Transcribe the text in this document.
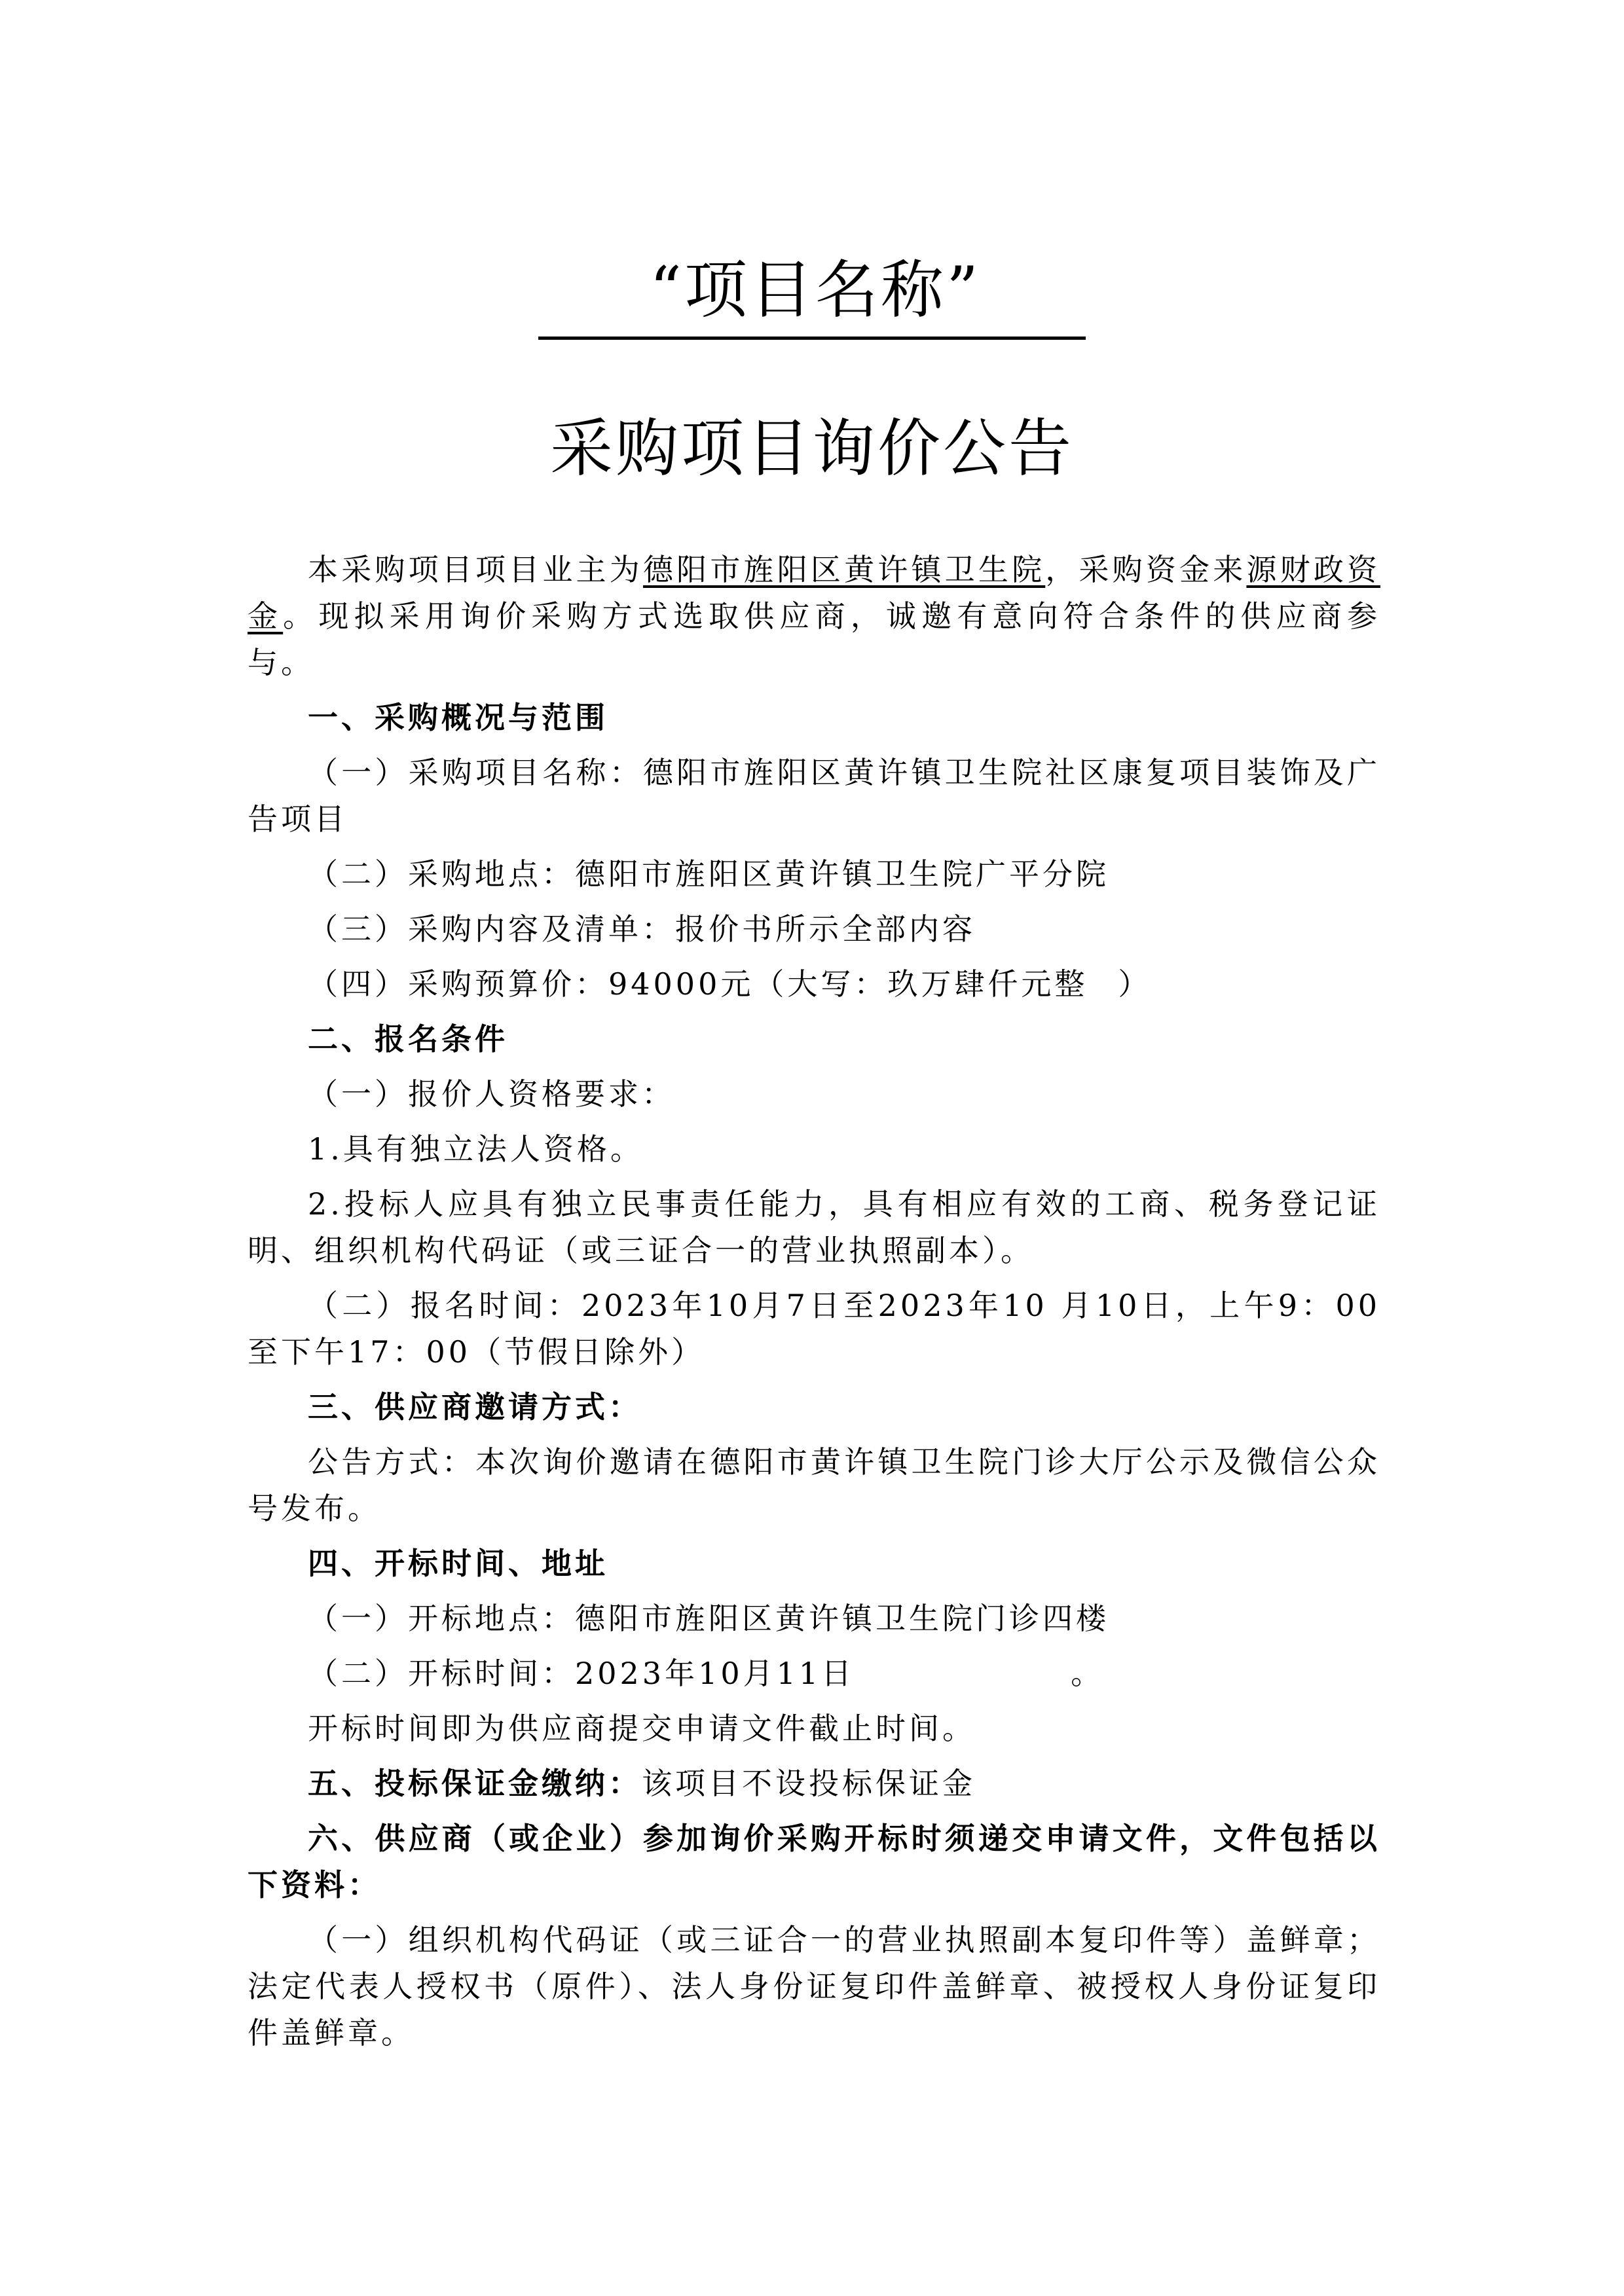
“项目名称”
采购项目询价公告

本采购项目项目业主为德阳市旌阳区黄许镇卫生院，采购资金来源财政资金。现拟采用询价采购方式选取供应商，诚邀有意向符合条件的供应商参与。

一、采购概况与范围

（一）采购项目名称：德阳市旌阳区黄许镇卫生院社区康复项目装饰及广告项目

（二）采购地点：德阳市旌阳区黄许镇卫生院广平分院

（三）采购内容及清单：报价书所示全部内容

（四）采购预算价：94000元（大写：玖万肆仟元整 ）

二、报名条件

（一）报价人资格要求：

1.具有独立法人资格。

2.投标人应具有独立民事责任能力，具有相应有效的工商、税务登记证明、组织机构代码证（或三证合一的营业执照副本）。

（二）报名时间：2023年10月7日至2023年10 月10日，上午9：00 至下午17：00（节假日除外）

三、供应商邀请方式：

公告方式：本次询价邀请在德阳市黄许镇卫生院门诊大厅公示及微信公众号发布。

四、开标时间、地址

（一）开标地点：德阳市旌阳区黄许镇卫生院门诊四楼

（二）开标时间：2023年10月11日	。

开标时间即为供应商提交申请文件截止时间。

五、投标保证金缴纳：该项目不设投标保证金

六、供应商（或企业）参加询价采购开标时须递交申请文件，文件包括以下资料：

（一）组织机构代码证（或三证合一的营业执照副本复印件等）盖鲜章；法定代表人授权书（原件）、法人身份证复印件盖鲜章、被授权人身份证复印件盖鲜章。
